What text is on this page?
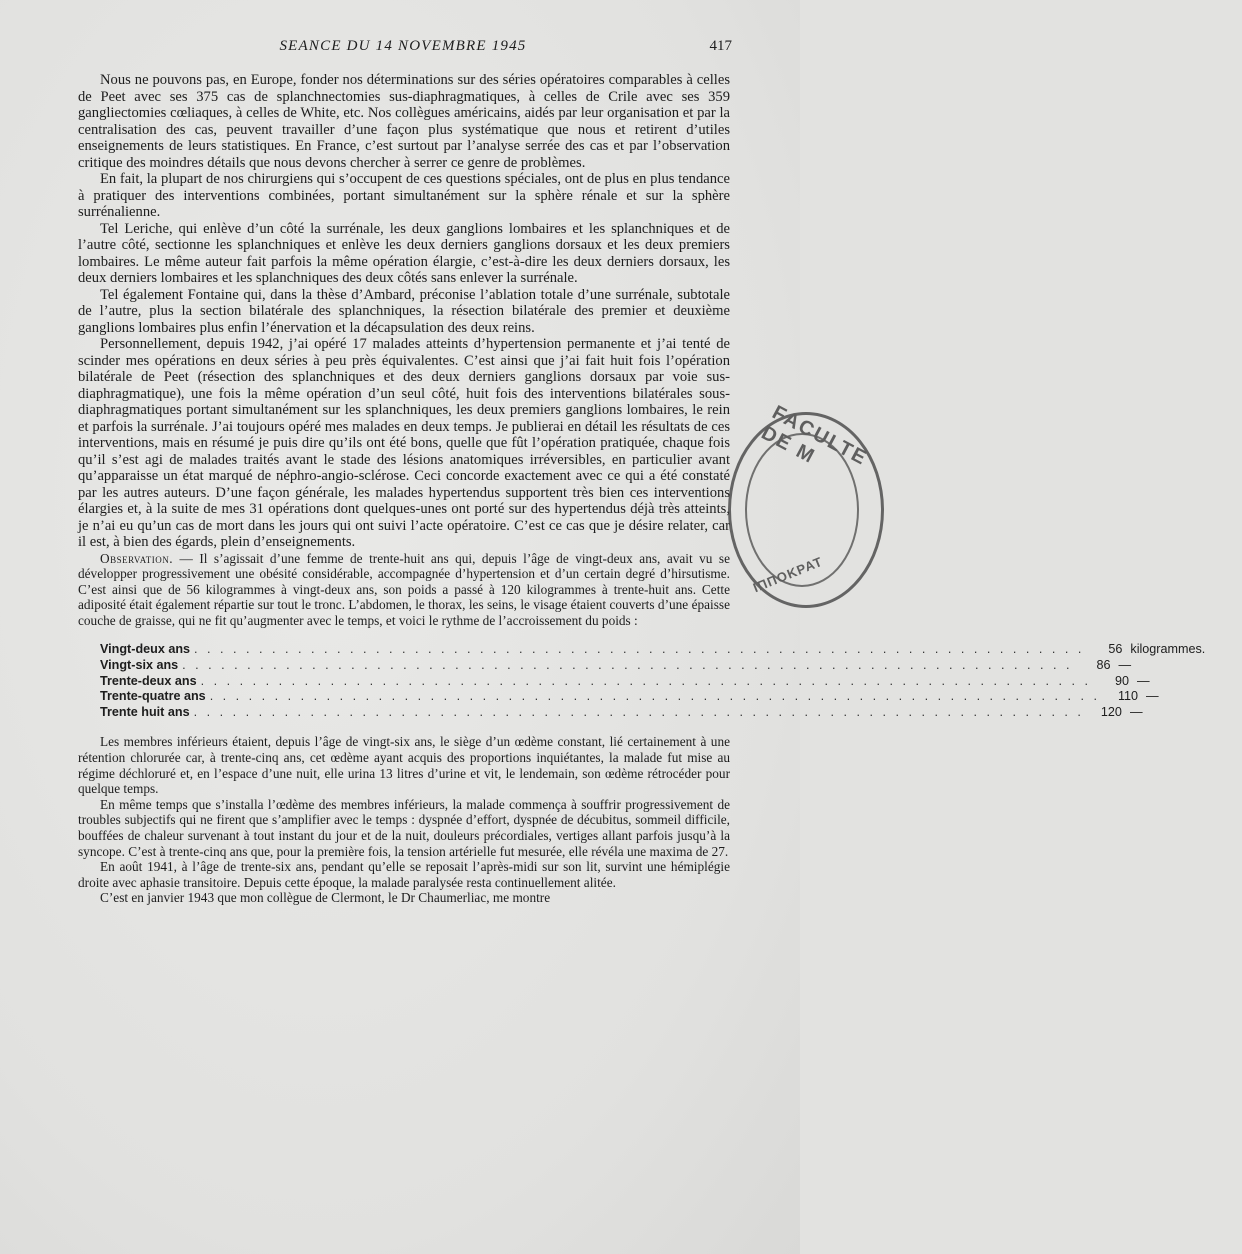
SEANCE DU 14 NOVEMBRE 1945	417

Nous ne pouvons pas, en Europe, fonder nos déterminations sur des séries opératoires comparables à celles de Peet avec ses 375 cas de splanchnectomies sus-diaphragmatiques, à celles de Crile avec ses 359 gangliectomies cœliaques, à celles de White, etc. Nos collègues américains, aidés par leur organisation et par la centralisation des cas, peuvent travailler d’une façon plus systématique que nous et retirent d’utiles enseignements de leurs statistiques. En France, c’est surtout par l’analyse serrée des cas et par l’observation critique des moindres détails que nous devons chercher à serrer ce genre de problèmes.

En fait, la plupart de nos chirurgiens qui s’occupent de ces questions spéciales, ont de plus en plus tendance à pratiquer des interventions combinées, portant simultanément sur la sphère rénale et sur la sphère surrénalienne.

Tel Leriche, qui enlève d’un côté la surrénale, les deux ganglions lombaires et les splanchniques et de l’autre côté, sectionne les splanchniques et enlève les deux derniers ganglions dorsaux et les deux premiers lombaires. Le même auteur fait parfois la même opération élargie, c’est-à-dire les deux derniers dorsaux, les deux derniers lombaires et les splanchniques des deux côtés sans enlever la surrénale.

Tel également Fontaine qui, dans la thèse d’Ambard, préconise l’ablation totale d’une surrénale, subtotale de l’autre, plus la section bilatérale des splanchniques, la résection bilatérale des premier et deuxième ganglions lombaires plus enfin l’énervation et la décapsulation des deux reins.

Personnellement, depuis 1942, j’ai opéré 17 malades atteints d’hypertension permanente et j’ai tenté de scinder mes opérations en deux séries à peu près équivalentes. C’est ainsi que j’ai fait huit fois l’opération bilatérale de Peet (résection des splanchniques et des deux derniers ganglions dorsaux par voie sus-diaphragmatique), une fois la même opération d’un seul côté, huit fois des interventions bilatérales sous-diaphragmatiques portant simultanément sur les splanchniques, les deux premiers ganglions lombaires, le rein et parfois la surrénale. J’ai toujours opéré mes malades en deux temps. Je publierai en détail les résultats de ces interventions, mais en résumé je puis dire qu’ils ont été bons, quelle que fût l’opération pratiquée, chaque fois qu’il s’est agi de malades traités avant le stade des lésions anatomiques irréversibles, en particulier avant qu’apparaisse un état marqué de néphro-angio-sclérose. Ceci concorde exactement avec ce qui a été constaté par les autres auteurs. D’une façon générale, les malades hypertendus supportent très bien ces interventions élargies et, à la suite de mes 31 opérations dont quelques-unes ont porté sur des hypertendus déjà très atteints, je n’ai eu qu’un cas de mort dans les jours qui ont suivi l’acte opératoire. C’est ce cas que je désire relater, car il est, à bien des égards, plein d’enseignements.

Observation. — Il s’agissait d’une femme de trente-huit ans qui, depuis l’âge de vingt-deux ans, avait vu se développer progressivement une obésité considérable, accompagnée d’hypertension et d’un certain degré d’hirsutisme. C’est ainsi que de 56 kilogrammes à vingt-deux ans, son poids a passé à 120 kilogrammes à trente-huit ans. Cette adiposité était également répartie sur tout le tronc. L’abdomen, le thorax, les seins, le visage étaient couverts d’une épaisse couche de graisse, qui ne fit qu’augmenter avec le temps, et voici le rythme de l’accroissement du poids :

Vingt-deux ans . . .	56 kilogrammes.
Vingt-six ans . . .	86 —
Trente-deux ans . . .	90 —
Trente-quatre ans . . .	110 —
Trente huit ans . . .	120 —

Les membres inférieurs étaient, depuis l’âge de vingt-six ans, le siège d’un œdème constant, lié certainement à une rétention chlorurée car, à trente-cinq ans, cet œdème ayant acquis des proportions inquiétantes, la malade fut mise au régime déchloruré et, en l’espace d’une nuit, elle urina 13 litres d’urine et vit, le lendemain, son œdème rétrocéder pour quelque temps.

En même temps que s’installa l’œdème des membres inférieurs, la malade commença à souffrir progressivement de troubles subjectifs qui ne firent que s’amplifier avec le temps : dyspnée d’effort, dyspnée de décubitus, sommeil difficile, bouffées de chaleur survenant à tout instant du jour et de la nuit, douleurs précordiales, vertiges allant parfois jusqu’à la syncope. C’est à trente-cinq ans que, pour la première fois, la tension artérielle fut mesurée, elle révéla une maxima de 27.

En août 1941, à l’âge de trente-six ans, pendant qu’elle se reposait l’après-midi sur son lit, survint une hémiplégie droite avec aphasie transitoire. Depuis cette époque, la malade paralysée resta continuellement alitée.

C’est en janvier 1943 que mon collègue de Clermont, le Dr Chaumerliac, me montre

FACULTE DE M
ΙΠΠΟΚΡΑΤ
